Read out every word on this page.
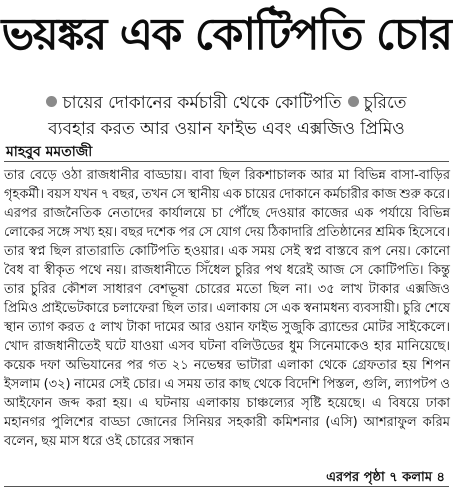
ভয়ঙ্কর এক কোটিপতি চোর
চায়ের দোকানের কর্মচারী থেকে কোটিপতি চুরিতে
ব্যবহার করত আর ওয়ান ফাইভ এবং এক্সজিও প্রিমিও
মাহবুব মমতাজী

তার বেড়ে ওঠা রাজধানীর বাড্ডায়। বাবা ছিল রিকশাচালক আর মা বিভিন্ন বাসা-বাড়ির গৃহকর্মী। বয়স যখন ৭ বছর, তখন সে স্থানীয় এক চায়ের দোকানে কর্মচারীর কাজ শুরু করে। এরপর রাজনৈতিক নেতাদের কার্যালয়ে চা পৌঁছে দেওয়ার কাজের এক পর্যায়ে বিভিন্ন লোকের সঙ্গে সখ্য হয়। বছর দশেক পর সে যোগ দেয় ঠিকাদারি প্রতিষ্ঠানের শ্রমিক হিসেবে। তার স্বপ্ন ছিল রাতারাতি কোটিপতি হওয়ার। এক সময় সেই স্বপ্ন বাস্তবে রূপ নেয়। কোনো বৈধ বা স্বীকৃত পথে নয়। রাজধানীতে সিঁধেল চুরির পথ ধরেই আজ সে কোটিপতি। কিন্তু তার চুরির কৌশল সাধারণ বেশভূষা চোরের মতো ছিল না। ৩৫ লাখ টাকার এক্সজিও প্রিমিও প্রাইভেটকারে চলাফেরা ছিল তার। এলাকায় সে এক স্বনামধন্য ব্যবসায়ী। চুরি শেষে স্থান ত্যাগ করত ৫ লাখ টাকা দামের আর ওয়ান ফাইভ সুজুকি ব্র্যান্ডের মোটর সাইকেলে। খোদ রাজধানীতেই ঘটে যাওয়া এসব ঘটনা বলিউডের ধুম সিনেমাকেও হার মানিয়েছে। কয়েক দফা অভিযানের পর গত ২১ নভেম্বর ভাটারা এলাকা থেকে গ্রেফতার হয় শিপন ইসলাম (৩২) নামের সেই চোর। এ সময় তার কাছ থেকে বিদেশি পিস্তল, গুলি, ল্যাপটপ ও আইফোন জব্দ করা হয়। এ ঘটনায় এলাকায় চাঞ্চল্যের সৃষ্টি হয়েছে। এ বিষয়ে ঢাকা মহানগর পুলিশের বাড্ডা জোনের সিনিয়র সহকারী কমিশনার (এসি) আশরাফুল করিম বলেন, ছয় মাস ধরে ওই চোরের সন্ধান

এরপর পৃষ্ঠা ৭ কলাম ৪
